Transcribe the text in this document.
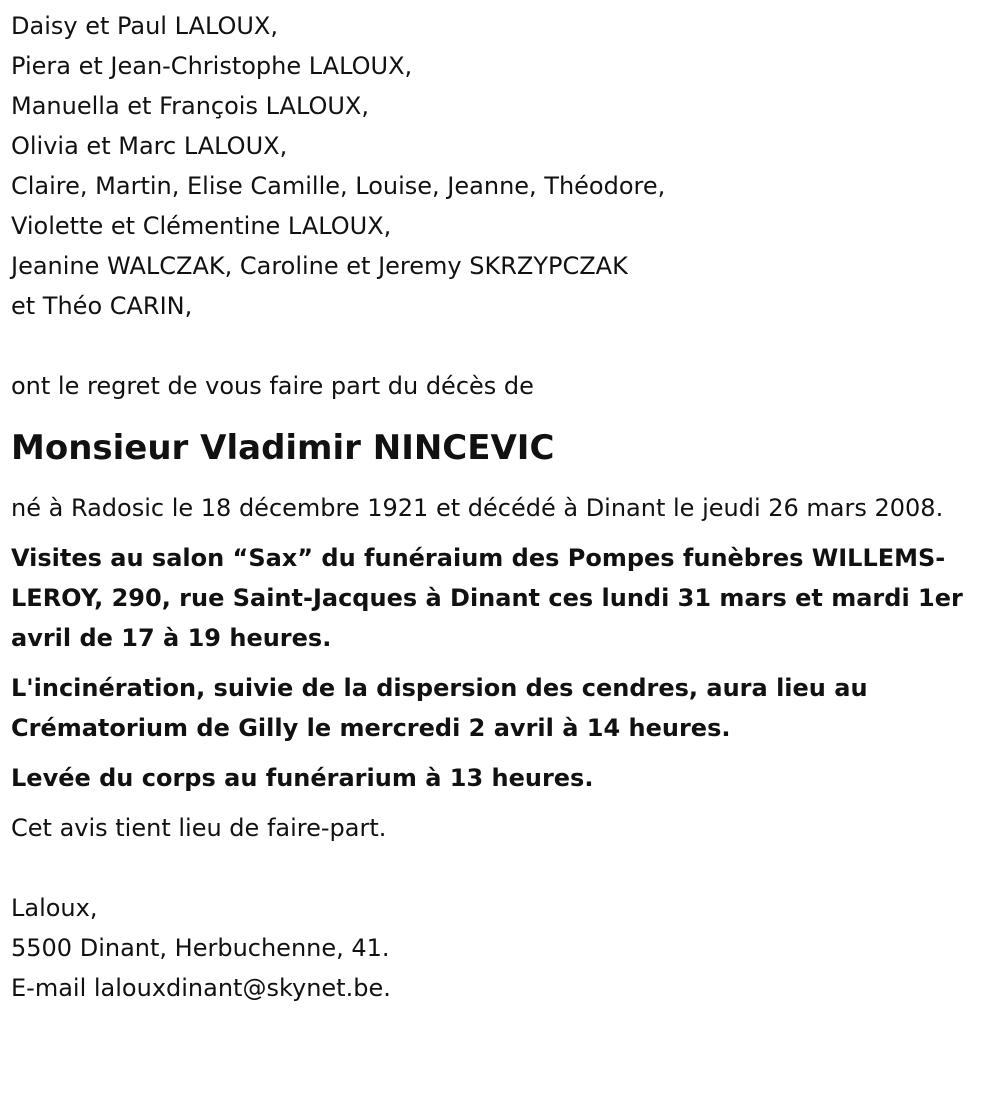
Daisy et Paul LALOUX,
Piera et Jean-Christophe LALOUX,
Manuella et François LALOUX,
Olivia et Marc LALOUX,
Claire, Martin, Elise Camille, Louise, Jeanne, Théodore,
Violette et Clémentine LALOUX,
Jeanine WALCZAK, Caroline et Jeremy SKRZYPCZAK
et Théo CARIN,
ont le regret de vous faire part du décès de
Monsieur Vladimir NINCEVIC
né à Radosic le 18 décembre 1921 et décédé à Dinant le jeudi 26 mars 2008.
Visites au salon “Sax” du funéraium des Pompes funèbres WILLEMS-LEROY, 290, rue Saint-Jacques à Dinant ces lundi 31 mars et mardi 1er avril de 17 à 19 heures.
L'incinération, suivie de la dispersion des cendres, aura lieu au Crématorium de Gilly le mercredi 2 avril à 14 heures.
Levée du corps au funérarium à 13 heures.
Cet avis tient lieu de faire-part.
Laloux,
5500 Dinant, Herbuchenne, 41.
E-mail lalouxdinant@skynet.be.
